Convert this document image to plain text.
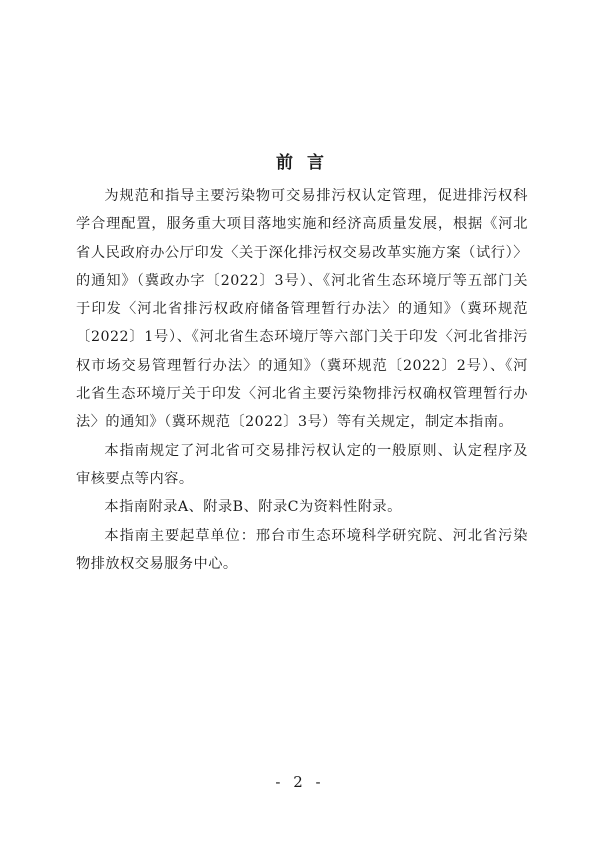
前言

为规范和指导主要污染物可交易排污权认定管理，促进排污权科学合理配置，服务重大项目落地实施和经济高质量发展，根据《河北省人民政府办公厅印发〈关于深化排污权交易改革实施方案（试行）〉的通知》（冀政办字〔2022〕3号）、《河北省生态环境厅等五部门关于印发〈河北省排污权政府储备管理暂行办法〉的通知》（冀环规范〔2022〕1号）、《河北省生态环境厅等六部门关于印发〈河北省排污权市场交易管理暂行办法〉的通知》（冀环规范〔2022〕2号）、《河北省生态环境厅关于印发〈河北省主要污染物排污权确权管理暂行办法〉的通知》（冀环规范〔2022〕3号）等有关规定，制定本指南。

本指南规定了河北省可交易排污权认定的一般原则、认定程序及审核要点等内容。

本指南附录A、附录B、附录C为资料性附录。

本指南主要起草单位：邢台市生态环境科学研究院、河北省污染物排放权交易服务中心。

- 2 -
